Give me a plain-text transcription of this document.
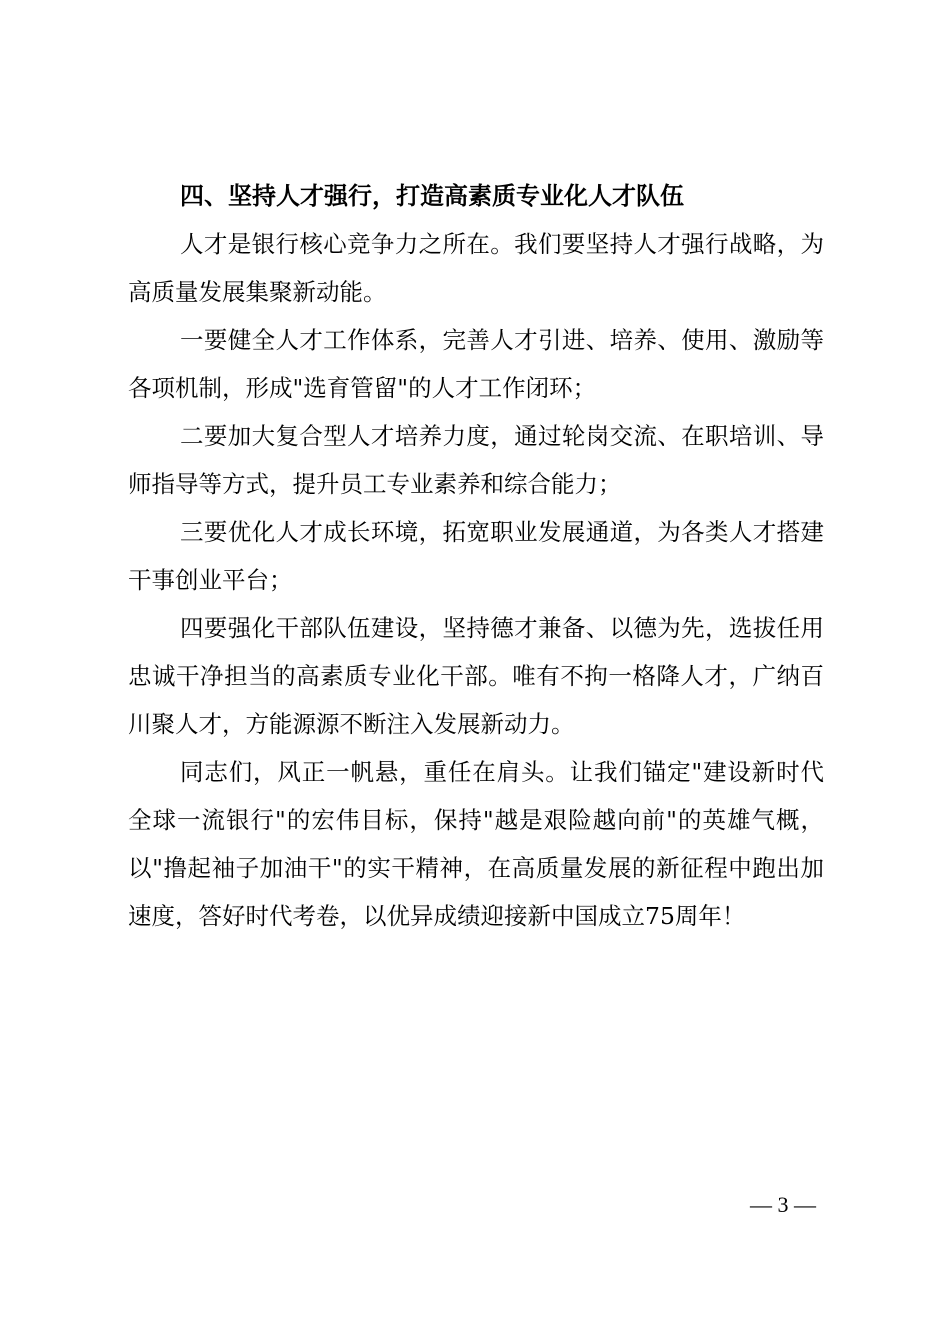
四、坚持人才强行，打造高素质专业化人才队伍

人才是银行核心竞争力之所在。我们要坚持人才强行战略，为高质量发展集聚新动能。

一要健全人才工作体系，完善人才引进、培养、使用、激励等各项机制，形成"选育管留"的人才工作闭环；

二要加大复合型人才培养力度，通过轮岗交流、在职培训、导师指导等方式，提升员工专业素养和综合能力；

三要优化人才成长环境，拓宽职业发展通道，为各类人才搭建干事创业平台；

四要强化干部队伍建设，坚持德才兼备、以德为先，选拔任用忠诚干净担当的高素质专业化干部。唯有不拘一格降人才，广纳百川聚人才，方能源源不断注入发展新动力。

同志们，风正一帆悬，重任在肩头。让我们锚定"建设新时代全球一流银行"的宏伟目标，保持"越是艰险越向前"的英雄气概，以"撸起袖子加油干"的实干精神，在高质量发展的新征程中跑出加速度，答好时代考卷，以优异成绩迎接新中国成立75周年！

— 3 —
